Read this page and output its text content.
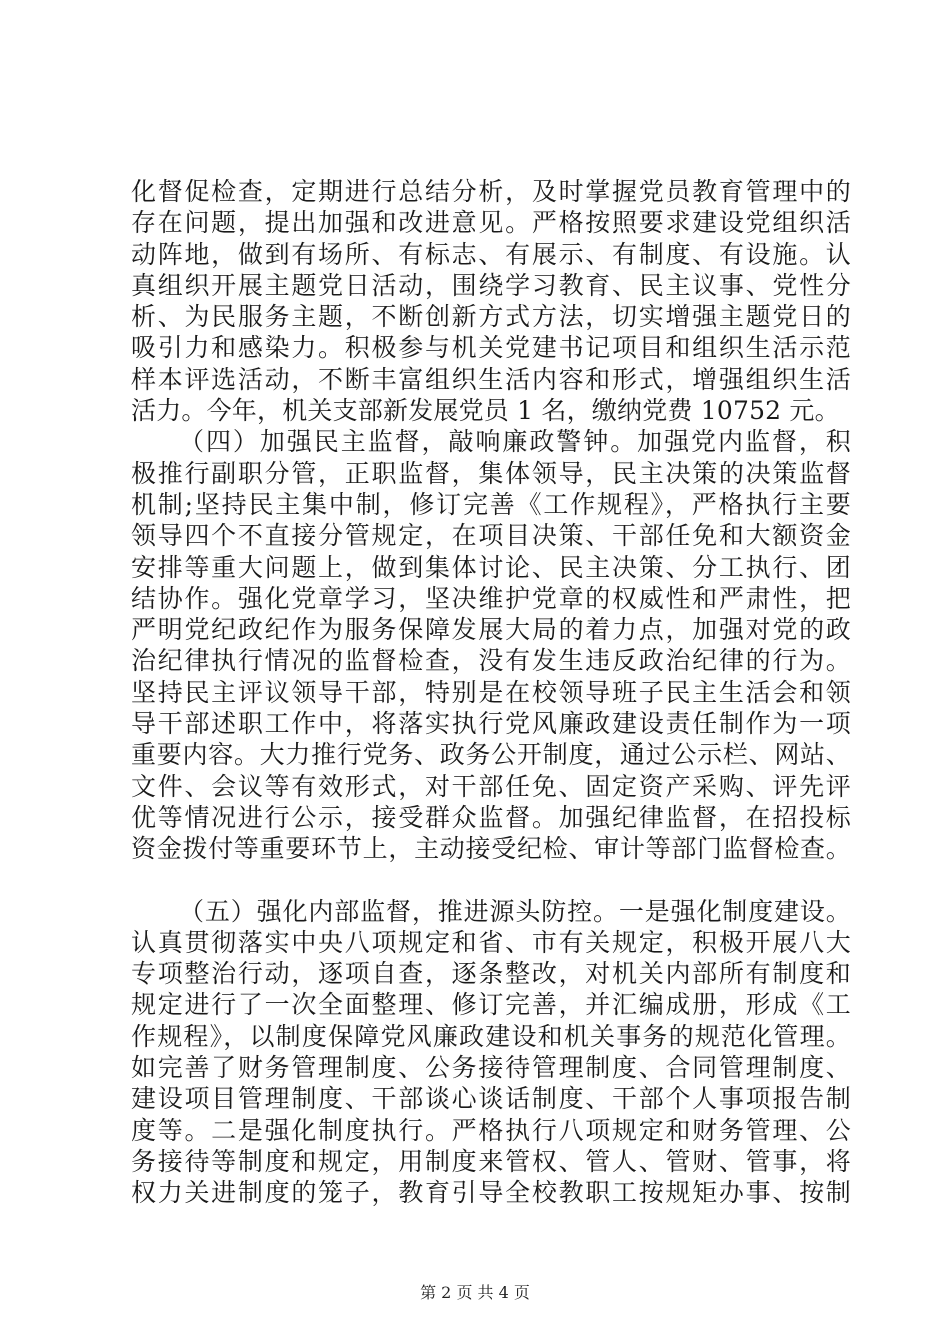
化督促检查，定期进行总结分析，及时掌握党员教育管理中的
存在问题，提出加强和改进意见。严格按照要求建设党组织活
动阵地，做到有场所、有标志、有展示、有制度、有设施。认
真组织开展主题党日活动，围绕学习教育、民主议事、党性分
析、为民服务主题，不断创新方式方法，切实增强主题党日的
吸引力和感染力。积极参与机关党建书记项目和组织生活示范
样本评选活动，不断丰富组织生活内容和形式，增强组织生活
活力。今年，机关支部新发展党员 1 名，缴纳党费 10752 元。
（四）加强民主监督，敲响廉政警钟。加强党内监督，积
极推行副职分管，正职监督，集体领导，民主决策的决策监督
机制;坚持民主集中制，修订完善《工作规程》，严格执行主要
领导四个不直接分管规定，在项目决策、干部任免和大额资金
安排等重大问题上，做到集体讨论、民主决策、分工执行、团
结协作。强化党章学习，坚决维护党章的权威性和严肃性，把
严明党纪政纪作为服务保障发展大局的着力点，加强对党的政
治纪律执行情况的监督检查，没有发生违反政治纪律的行为。
坚持民主评议领导干部，特别是在校领导班子民主生活会和领
导干部述职工作中，将落实执行党风廉政建设责任制作为一项
重要内容。大力推行党务、政务公开制度，通过公示栏、网站、
文件、会议等有效形式，对干部任免、固定资产采购、评先评
优等情况进行公示，接受群众监督。加强纪律监督，在招投标
资金拨付等重要环节上，主动接受纪检、审计等部门监督检查。
（五）强化内部监督，推进源头防控。一是强化制度建设。
认真贯彻落实中央八项规定和省、市有关规定，积极开展八大
专项整治行动，逐项自查，逐条整改，对机关内部所有制度和
规定进行了一次全面整理、修订完善，并汇编成册，形成《工
作规程》，以制度保障党风廉政建设和机关事务的规范化管理。
如完善了财务管理制度、公务接待管理制度、合同管理制度、
建设项目管理制度、干部谈心谈话制度、干部个人事项报告制
度等。二是强化制度执行。严格执行八项规定和财务管理、公
务接待等制度和规定，用制度来管权、管人、管财、管事，将
权力关进制度的笼子，教育引导全校教职工按规矩办事、按制
第 2 页 共 4 页
